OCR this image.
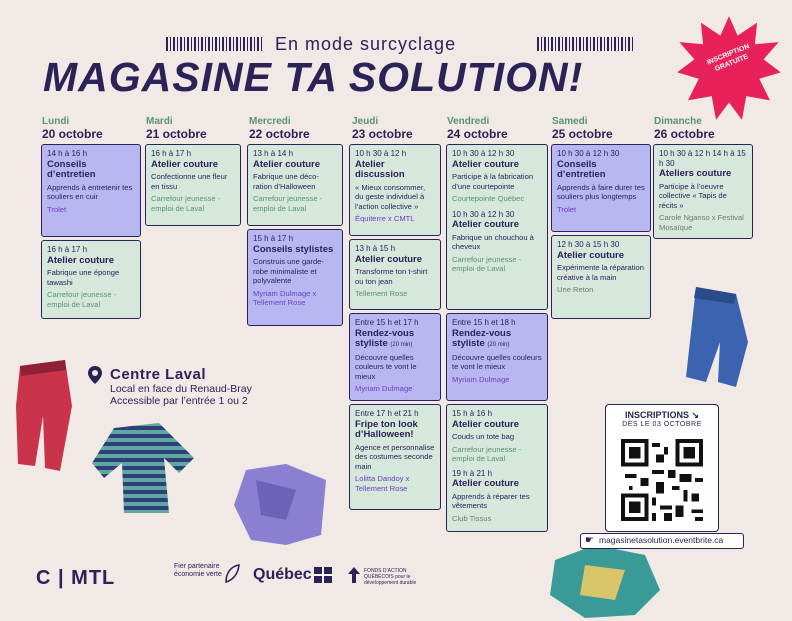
En mode surcyclage
MAGASINE TA SOLUTION!	INSCRIPTION GRATUITE
Lundi
20 octobre
Mardi
21 octobre
Mercredi
22 octobre
Jeudi
23 octobre
Vendredi
24 octobre
Samedi
25 octobre
Dimanche
26 octobre
14 h à 16 h
Conseils d’entretien
Apprends à entretenir tes souliers en cuir
Trolet
16 h à 17 h
Atelier couture
Fabrique une éponge tawashi
Carrefour jeunesse -emploi de Laval
16 h à 17 h
Atelier couture
Confectionne une fleur en tissu
Carrefour jeunesse -emploi de Laval
13 h à 14 h
Atelier couture
Fabrique une déco- ration d’Halloween
Carrefour jeunesse -emploi de Laval
15 h à 17 h
Conseils stylistes
Construis une garde- robe minimaliste et polyvalente
Myriam Dulmage x Tellement Rose
10 h 30 à 12 h
Atelier discussion
« Mieux consommer, du geste individuel à l’action collective »
Équiterre x CMTL
13 h à 15 h
Atelier couture
Transforme ton t-shirt ou ton jean
Tellement Rose
Entre 15 h et 17 h
Rendez-vous styliste (20 min)
Découvre quelles couleurs te vont le mieux
Myriam Dulmage
Entre 17 h et 21 h
Fripe ton look d’Halloween!
Agence et personnalise des costumes seconde main
Lolitta Dandoy x Tellement Rose
10 h 30 à 12 h 30
Atelier couture
Participe à la fabrication d’une courtepointe
Courtepointe Québec
10 h 30 à 12 h 30
Atelier couture
Fabrique un chouchou à cheveux
Carrefour jeunesse -emploi de Laval
Entre 15 h et 18 h
Rendez-vous styliste (20 min)
Découvre quelles couleurs te vont le mieux
Myriam Dulmage
15 h à 16 h
Atelier couture
Couds un tote bag
Carrefour jeunesse -emploi de Laval
19 h à 21 h
Atelier couture
Apprends à réparer tes vêtements
Club Tissus
10 h 30 à 12 h 30
Conseils d’entretien
Apprends à faire durer tes souliers plus longtemps
Trolet
12 h 30 à 15 h 30
Atelier couture
Expérimente la réparation créative à la main
Une Reton
10 h 30 à 12 h 14 h à 15 h 30
Ateliers couture
Participe à l’oeuvre collective « Tapis de récits »
Carole Nganso x Festival Mosaïque
Centre Laval
Local en face du Renaud-Bray
Accessible par l’entrée 1 ou 2
INSCRIPTIONS ↘
DÈS LE 03 OCTOBRE
☛ magasinetasolution.eventbrite.ca
C | MTL
Fier partenaire économie verte	Québec	FONDS D’ACTION QUÉBÉCOIS pour le développement durable
